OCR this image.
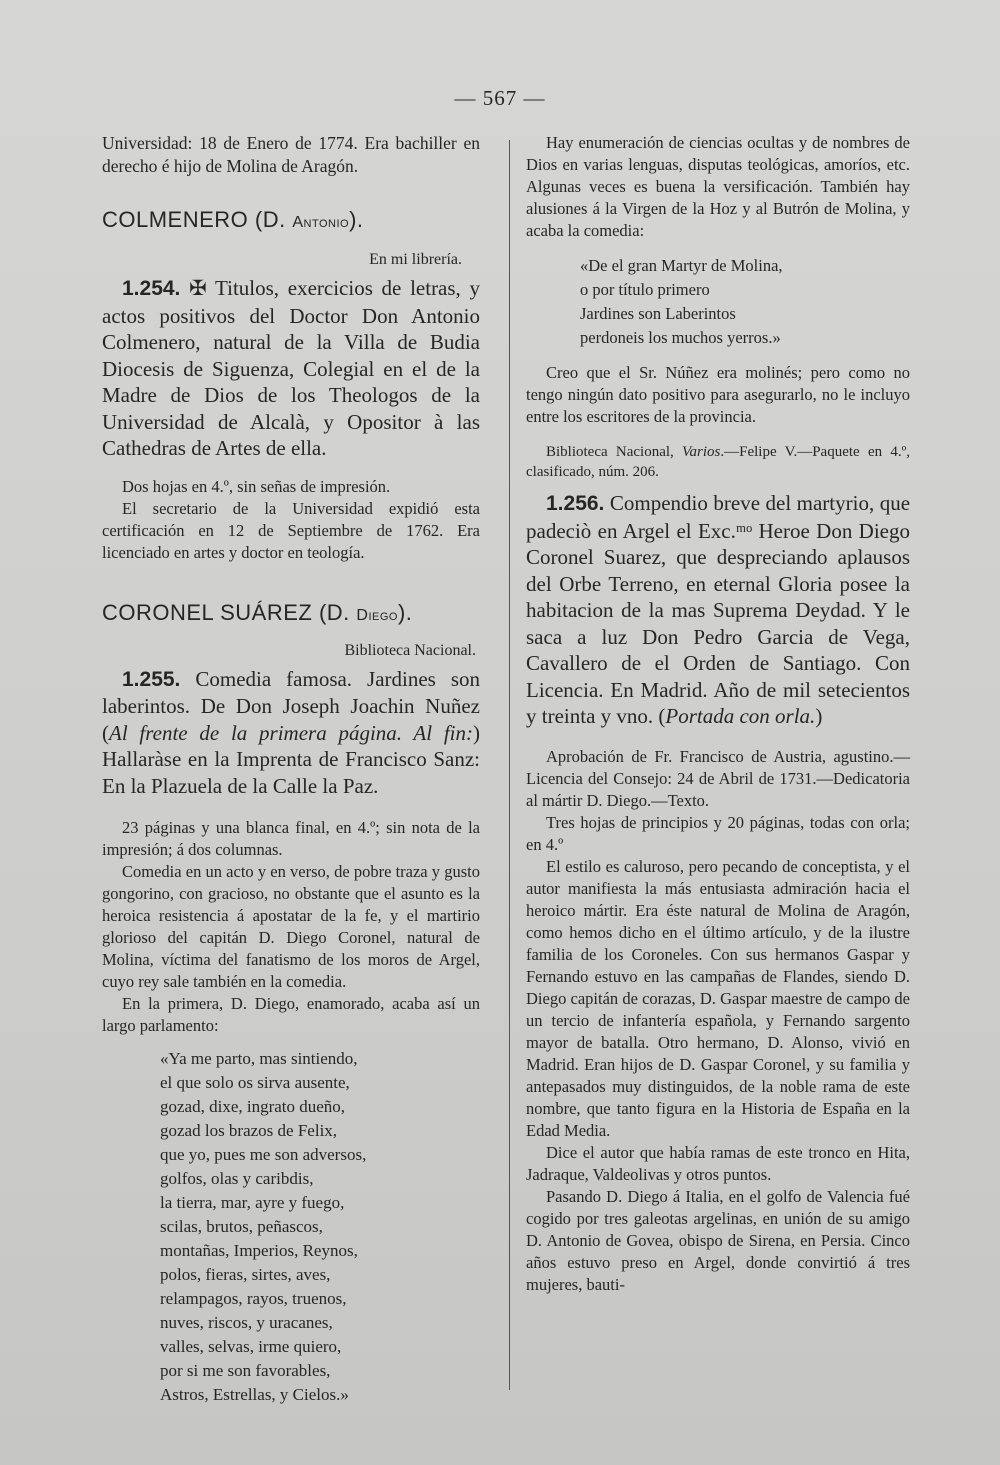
— 567 —

Universidad: 18 de Enero de 1774. Era bachiller en derecho é hijo de Molina de Aragón.

COLMENERO (D. Antonio).
En mi librería.

1.254. ✠ Titulos, exercicios de letras, y actos positivos del Doctor Don Antonio Colmenero, natural de la Villa de Budia Diocesis de Siguenza, Colegial en el de la Madre de Dios de los Theologos de la Universidad de Alcalà, y Opositor à las Cathedras de Artes de ella.

Dos hojas en 4.º, sin señas de impresión.

El secretario de la Universidad expidió esta certificación en 12 de Septiembre de 1762. Era licenciado en artes y doctor en teología.

CORONEL SUÁREZ (D. Diego).
Biblioteca Nacional.

1.255. Comedia famosa. Jardines son laberintos. De Don Joseph Joachin Nuñez (Al frente de la primera página. Al fin:) Hallaràse en la Imprenta de Francisco Sanz: En la Plazuela de la Calle la Paz.

23 páginas y una blanca final, en 4.º; sin nota de la impresión; á dos columnas.

Comedia en un acto y en verso, de pobre traza y gusto gongorino, con gracioso, no obstante que el asunto es la heroica resistencia á apostatar de la fe, y el martirio glorioso del capitán D. Diego Coronel, natural de Molina, víctima del fanatismo de los moros de Argel, cuyo rey sale también en la comedia.

En la primera, D. Diego, enamorado, acaba así un largo parlamento:

«Ya me parto, mas sintiendo,
el que solo os sirva ausente,
gozad, dixe, ingrato dueño,
gozad los brazos de Felix,
que yo, pues me son adversos,
golfos, olas y caribdis,
la tierra, mar, ayre y fuego,
scilas, brutos, peñascos,
montañas, Imperios, Reynos,
polos, fieras, sirtes, aves,
relampagos, rayos, truenos,
nuves, riscos, y uracanes,
valles, selvas, irme quiero,
por si me son favorables,
Astros, Estrellas, y Cielos.»

Hay enumeración de ciencias ocultas y de nombres de Dios en varias lenguas, disputas teológicas, amoríos, etc. Algunas veces es buena la versificación. También hay alusiones á la Virgen de la Hoz y al Butrón de Molina, y acaba la comedia:

«De el gran Martyr de Molina,
o por título primero
Jardines son Laberintos
perdoneis los muchos yerros.»

Creo que el Sr. Núñez era molinés; pero como no tengo ningún dato positivo para asegurarlo, no le incluyo entre los escritores de la provincia.

Biblioteca Nacional, Varios.—Felipe V.—Paquete en 4.º, clasificado, núm. 206.

1.256. Compendio breve del martyrio, que padeciò en Argel el Exc.ᵐᵒ Heroe Don Diego Coronel Suarez, que despreciando aplausos del Orbe Terreno, en eternal Gloria posee la habitacion de la mas Suprema Deydad. Y le saca a luz Don Pedro Garcia de Vega, Cavallero de el Orden de Santiago. Con Licencia. En Madrid. Año de mil setecientos y treinta y vno. (Portada con orla.)

Aprobación de Fr. Francisco de Austria, agustino.—Licencia del Consejo: 24 de Abril de 1731.—Dedicatoria al mártir D. Diego.—Texto.

Tres hojas de principios y 20 páginas, todas con orla; en 4.º

El estilo es caluroso, pero pecando de conceptista, y el autor manifiesta la más entusiasta admiración hacia el heroico mártir. Era éste natural de Molina de Aragón, como hemos dicho en el último artículo, y de la ilustre familia de los Coroneles. Con sus hermanos Gaspar y Fernando estuvo en las campañas de Flandes, siendo D. Diego capitán de corazas, D. Gaspar maestre de campo de un tercio de infantería española, y Fernando sargento mayor de batalla. Otro hermano, D. Alonso, vivió en Madrid. Eran hijos de D. Gaspar Coronel, y su familia y antepasados muy distinguidos, de la noble rama de este nombre, que tanto figura en la Historia de España en la Edad Media.

Dice el autor que había ramas de este tronco en Hita, Jadraque, Valdeolivas y otros puntos.

Pasando D. Diego á Italia, en el golfo de Valencia fué cogido por tres galeotas argelinas, en unión de su amigo D. Antonio de Govea, obispo de Sirena, en Persia. Cinco años estuvo preso en Argel, donde convirtió á tres mujeres, bauti-
